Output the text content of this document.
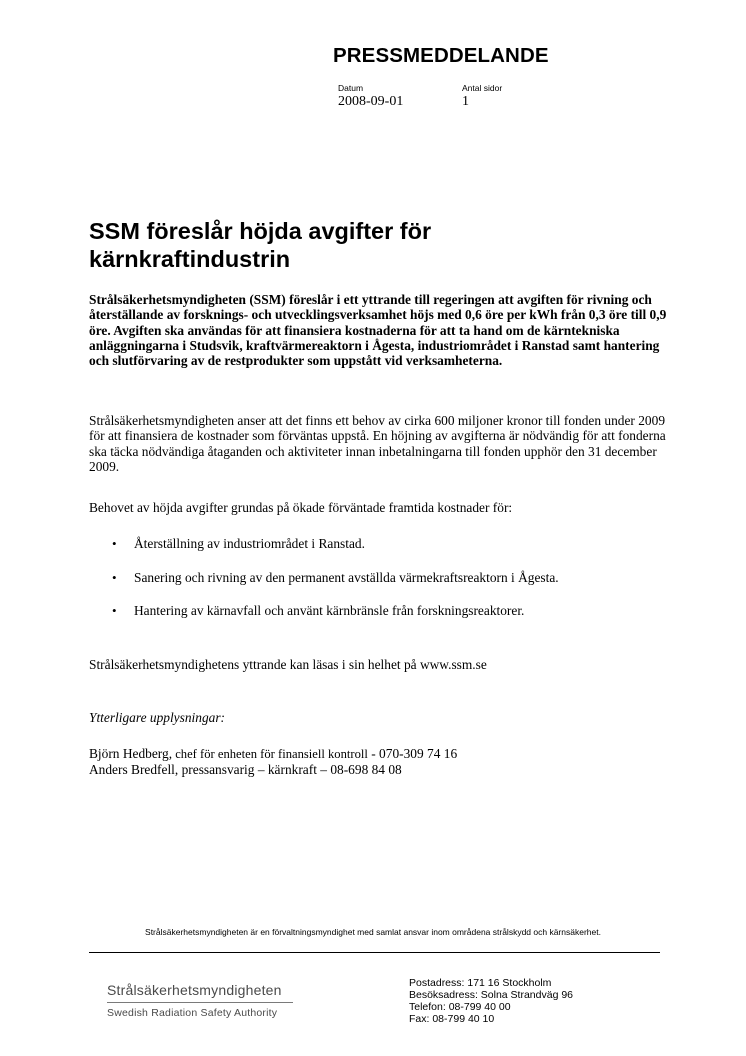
PRESSMEDDELANDE
Datum	Antal sidor
2008-09-01	1
SSM föreslår höjda avgifter för
kärnkraftindustrin
Strålsäkerhetsmyndigheten (SSM) föreslår i ett yttrande till regeringen att avgiften för rivning och återställande av forsknings- och utvecklingsverksamhet höjs med 0,6 öre per kWh från 0,3 öre till 0,9 öre. Avgiften ska användas för att finansiera kostnaderna för att ta hand om de kärntekniska anläggningarna i Studsvik, kraftvärmereaktorn i Ågesta, industriområdet i Ranstad samt hantering och slutförvaring av de restprodukter som uppstått vid verksamheterna.
Strålsäkerhetsmyndigheten anser att det finns ett behov av cirka 600 miljoner kronor till fonden under 2009 för att finansiera de kostnader som förväntas uppstå. En höjning av avgifterna är nödvändig för att fonderna ska täcka nödvändiga åtaganden och aktiviteter innan inbetalningarna till fonden upphör den 31 december 2009.
Behovet av höjda avgifter grundas på ökade förväntade framtida kostnader för:
• Återställning av industriområdet i Ranstad.
• Sanering och rivning av den permanent avställda värmekraftsreaktorn i Ågesta.
• Hantering av kärnavfall och använt kärnbränsle från forskningsreaktorer.
Strålsäkerhetsmyndighetens yttrande kan läsas i sin helhet på www.ssm.se
Ytterligare upplysningar:
Björn Hedberg, chef för enheten för finansiell kontroll - 070-309 74 16
Anders Bredfell, pressansvarig – kärnkraft – 08-698 84 08
Strålsäkerhetsmyndigheten är en förvaltningsmyndighet med samlat ansvar inom områdena strålskydd och kärnsäkerhet.
Strålsäkerhetsmyndigheten
Swedish Radiation Safety Authority
Postadress: 171 16 Stockholm
Besöksadress: Solna Strandväg 96
Telefon: 08-799 40 00
Fax: 08-799 40 10
